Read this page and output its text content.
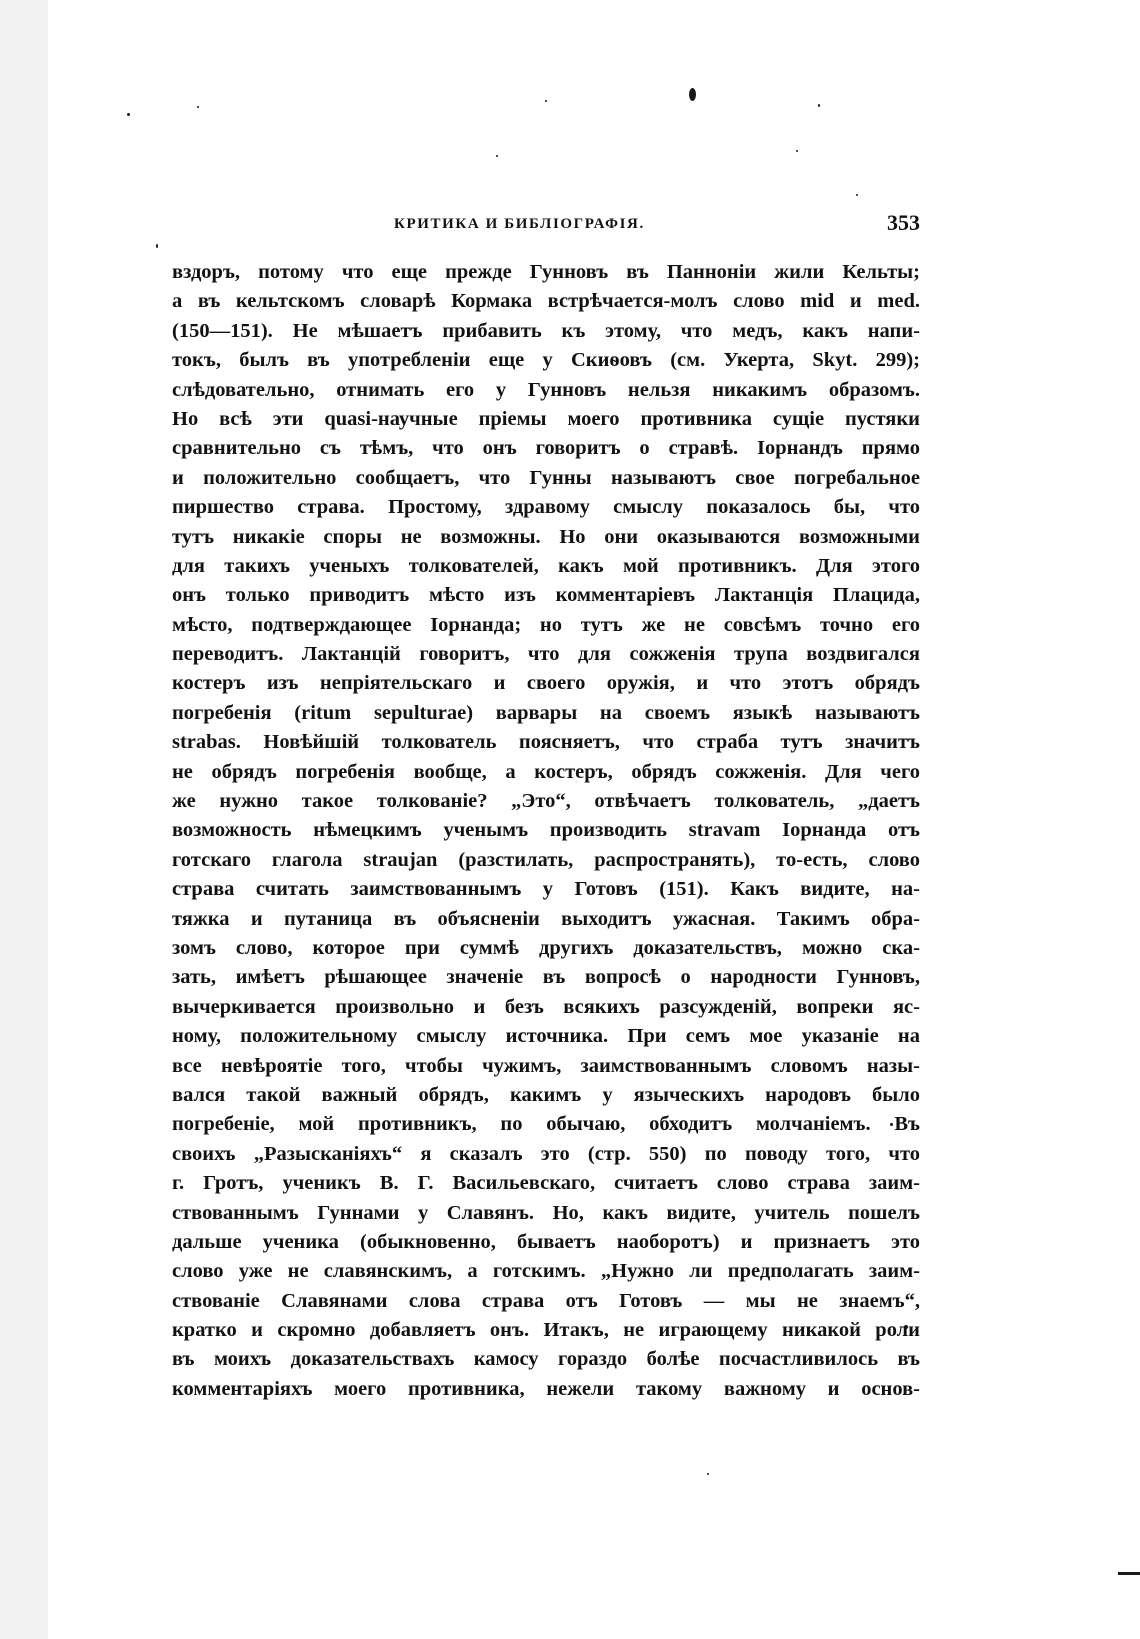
КРИТИКА И БИБЛІОГРАФІЯ.	353
вздоръ, потому что еще прежде Гунновъ въ Панноніи жили Кельты;
а въ кельтскомъ словарѣ Кормака встрѣчается-молъ слово mid и med.
(150—151). Не мѣшаетъ прибавить къ этому, что медъ, какъ напи-
токъ, былъ въ употребленіи еще у Скиѳовъ (см. Укерта, Skyt. 299);
слѣдовательно, отнимать его у Гунновъ нельзя никакимъ образомъ.
Но всѣ эти quasi-научные пріемы моего противника сущіе пустяки
сравнительно съ тѣмъ, что онъ говоритъ о стравѣ. Іорнандъ прямо
и положительно сообщаетъ, что Гунны называютъ свое погребальное
пиршество страва. Простому, здравому смыслу показалось бы, что
тутъ никакіе споры не возможны. Но они оказываются возможными
для такихъ ученыхъ толкователей, какъ мой противникъ. Для этого
онъ только приводитъ мѣсто изъ комментаріевъ Лактанція Плацида,
мѣсто, подтверждающее Іорнанда; но тутъ же не совсѣмъ точно его
переводитъ. Лактанцій говоритъ, что для сожженія трупа воздвигался
костеръ изъ непріятельскаго и своего оружія, и что этотъ обрядъ
погребенія (ritum sepulturae) варвары на своемъ языкѣ называютъ
strabas. Новѣйшій толкователь поясняетъ, что страба тутъ значитъ
не обрядъ погребенія вообще, а костеръ, обрядъ сожженія. Для чего
же нужно такое толкованіе? „Это“, отвѣчаетъ толкователь, „даетъ
возможность нѣмецкимъ ученымъ производить stravam Іорнанда отъ
готскаго глагола straujan (разстилать, распространять), то-есть, слово
страва считать заимствованнымъ у Готовъ (151). Какъ видите, на-
тяжка и путаница въ объясненіи выходитъ ужасная. Такимъ обра-
зомъ слово, которое при суммѣ другихъ доказательствъ, можно ска-
зать, имѣетъ рѣшающее значеніе въ вопросѣ о народности Гунновъ,
вычеркивается произвольно и безъ всякихъ разсужденій, вопреки яс-
ному, положительному смыслу источника. При семъ мое указаніе на
все невѣроятіе того, чтобы чужимъ, заимствованнымъ словомъ назы-
вался такой важный обрядъ, какимъ у языческихъ народовъ было
погребеніе, мой противникъ, по обычаю, обходитъ молчаніемъ. Въ
своихъ „Разысканіяхъ“ я сказалъ это (стр. 550) по поводу того, что
г. Гротъ, ученикъ В. Г. Васильевскаго, считаетъ слово страва заим-
ствованнымъ Гуннами у Славянъ. Но, какъ видите, учитель пошелъ
дальше ученика (обыкновенно, бываетъ наоборотъ) и признаетъ это
слово уже не славянскимъ, а готскимъ. „Нужно ли предполагать заим-
ствованіе Славянами слова страва отъ Готовъ — мы не знаемъ“,
кратко и скромно добавляетъ онъ. Итакъ, не играющему никакой роли
въ моихъ доказательствахъ камосу гораздо болѣе посчастливилось въ
комментаріяхъ моего противника, нежели такому важному и основ-
